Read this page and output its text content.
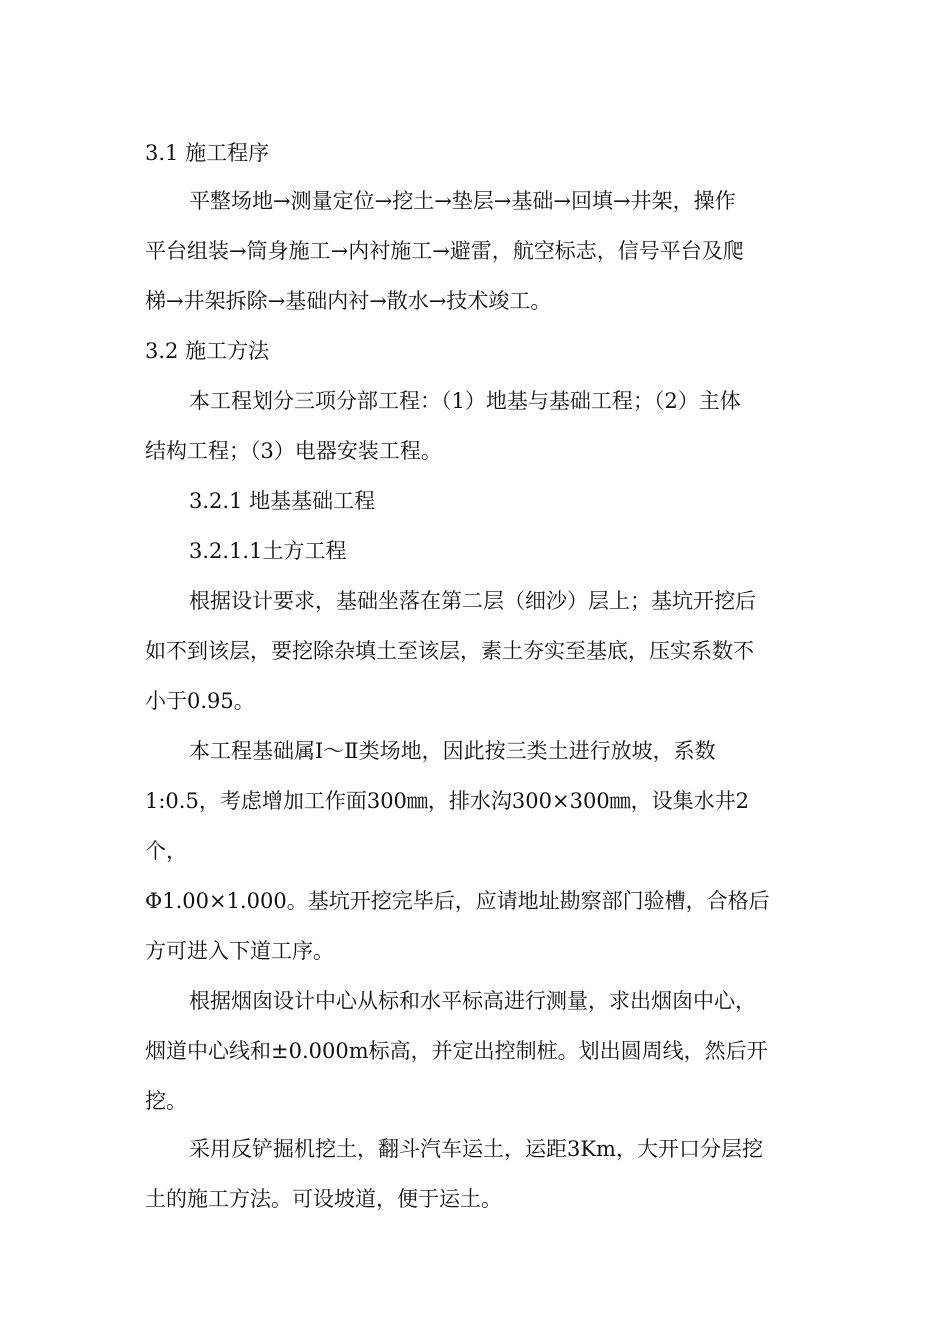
3.1 施工程序
平整场地→测量定位→挖土→垫层→基础→回填→井架，操作
平台组装→筒身施工→内衬施工→避雷，航空标志，信号平台及爬
梯→井架拆除→基础内衬→散水→技术竣工。
3.2 施工方法
本工程划分三项分部工程：（1）地基与基础工程；（2）主体
结构工程；（3）电器安装工程。
3.2.1 地基基础工程
3.2.1.1土方工程
根据设计要求，基础坐落在第二层（细沙）层上；基坑开挖后
如不到该层，要挖除杂填土至该层，素土夯实至基底，压实系数不
小于0.95。
本工程基础属Ⅰ～Ⅱ类场地，因此按三类土进行放坡，系数
1:0.5，考虑增加工作面300㎜，排水沟300×300㎜，设集水井2
个，
Φ1.00×1.000。基坑开挖完毕后，应请地址勘察部门验槽，合格后
方可进入下道工序。
根据烟囱设计中心从标和水平标高进行测量，求出烟囱中心，
烟道中心线和±0.000m标高，并定出控制桩。划出圆周线，然后开
挖。
采用反铲掘机挖土，翻斗汽车运土，运距3Km，大开口分层挖
土的施工方法。可设坡道，便于运土。
